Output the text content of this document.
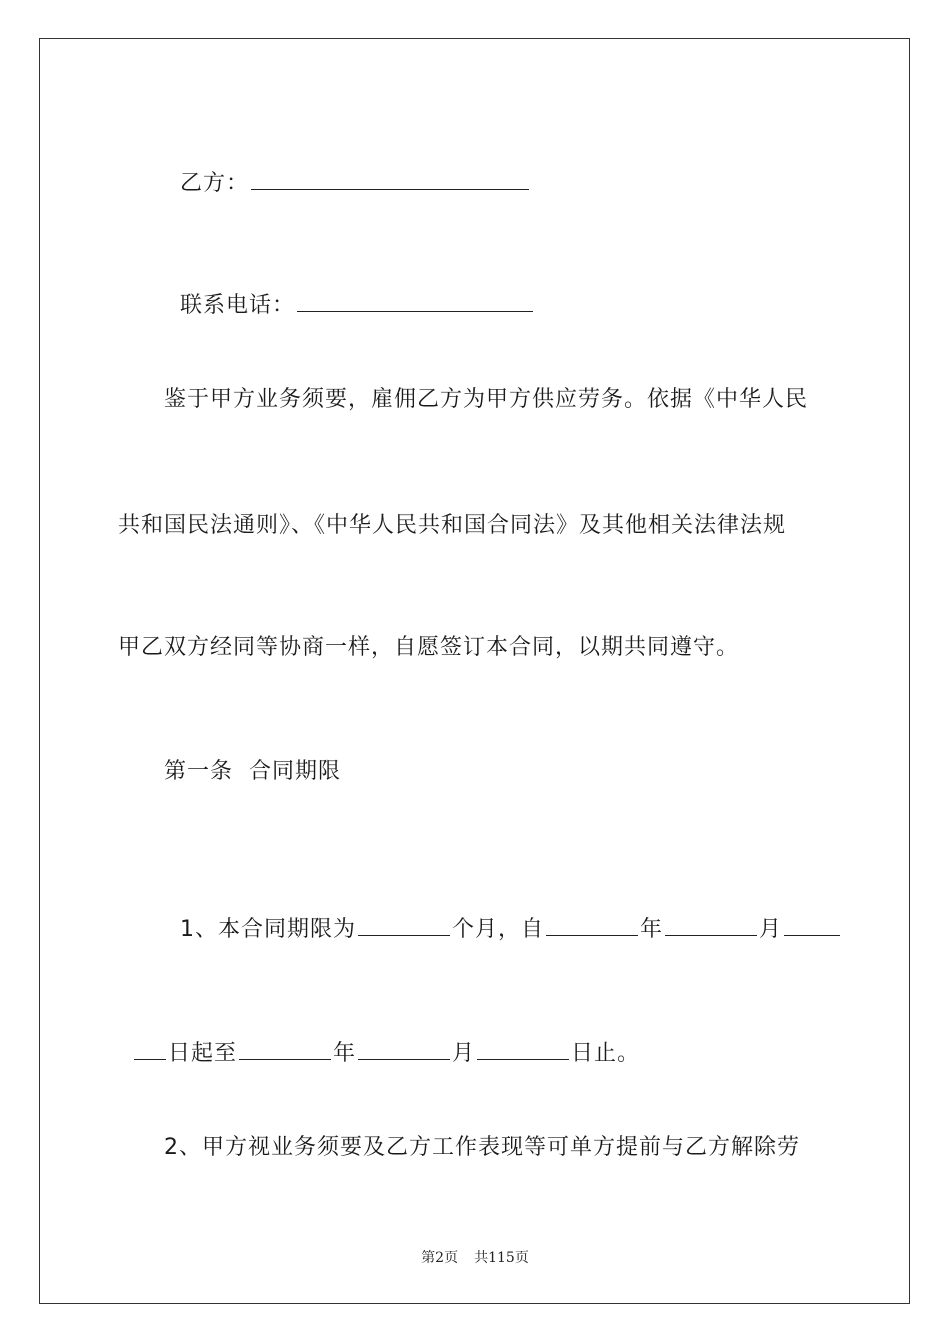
乙方：

联系电话：

鉴于甲方业务须要，雇佣乙方为甲方供应劳务。依据《中华人民
共和国民法通则》、《中华人民共和国合同法》及其他相关法律法规
甲乙双方经同等协商一样，自愿签订本合同，以期共同遵守。
第一条  合同期限

1、本合同期限为	个月，自	年	月

日起至	年	月	日止。

2、甲方视业务须要及乙方工作表现等可单方提前与乙方解除劳
第2页 共115页
